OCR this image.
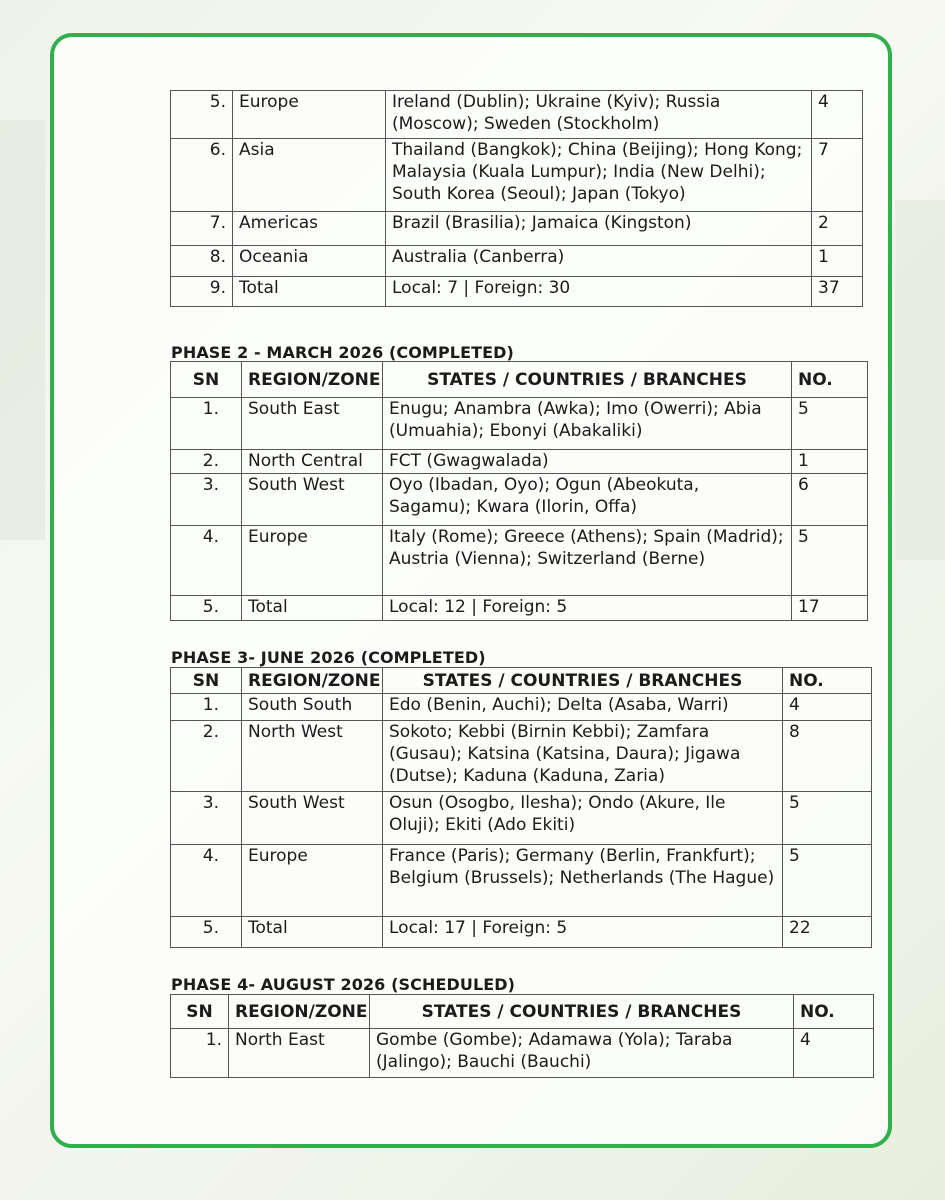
5.	Europe	Ireland (Dublin); Ukraine (Kyiv); Russia (Moscow); Sweden (Stockholm)	4
6.	Asia	Thailand (Bangkok); China (Beijing); Hong Kong; Malaysia (Kuala Lumpur); India (New Delhi); South Korea (Seoul); Japan (Tokyo)	7
7.	Americas	Brazil (Brasilia); Jamaica (Kingston)	2
8.	Oceania	Australia (Canberra)	1
9.	Total	Local: 7 | Foreign: 30	37
PHASE 2 - MARCH 2026 (COMPLETED)
SN	REGION/ZONE	STATES / COUNTRIES / BRANCHES	NO.
1.	South East	Enugu; Anambra (Awka); Imo (Owerri); Abia (Umuahia); Ebonyi (Abakaliki)	5
2.	North Central	FCT (Gwagwalada)	1
3.	South West	Oyo (Ibadan, Oyo); Ogun (Abeokuta, Sagamu); Kwara (Ilorin, Offa)	6
4.	Europe	Italy (Rome); Greece (Athens); Spain (Madrid); Austria (Vienna); Switzerland (Berne)	5
5.	Total	Local: 12 | Foreign: 5	17
PHASE 3- JUNE 2026 (COMPLETED)
SN	REGION/ZONE	STATES / COUNTRIES / BRANCHES	NO.
1.	South South	Edo (Benin, Auchi); Delta (Asaba, Warri)	4
2.	North West	Sokoto; Kebbi (Birnin Kebbi); Zamfara (Gusau); Katsina (Katsina, Daura); Jigawa (Dutse); Kaduna (Kaduna, Zaria)	8
3.	South West	Osun (Osogbo, Ilesha); Ondo (Akure, Ile Oluji); Ekiti (Ado Ekiti)	5
4.	Europe	France (Paris); Germany (Berlin, Frankfurt); Belgium (Brussels); Netherlands (The Hague)	5
5.	Total	Local: 17 | Foreign: 5	22
PHASE 4- AUGUST 2026 (SCHEDULED)
SN	REGION/ZONE	STATES / COUNTRIES / BRANCHES	NO.
1.	North East	Gombe (Gombe); Adamawa (Yola); Taraba (Jalingo); Bauchi (Bauchi)	4
